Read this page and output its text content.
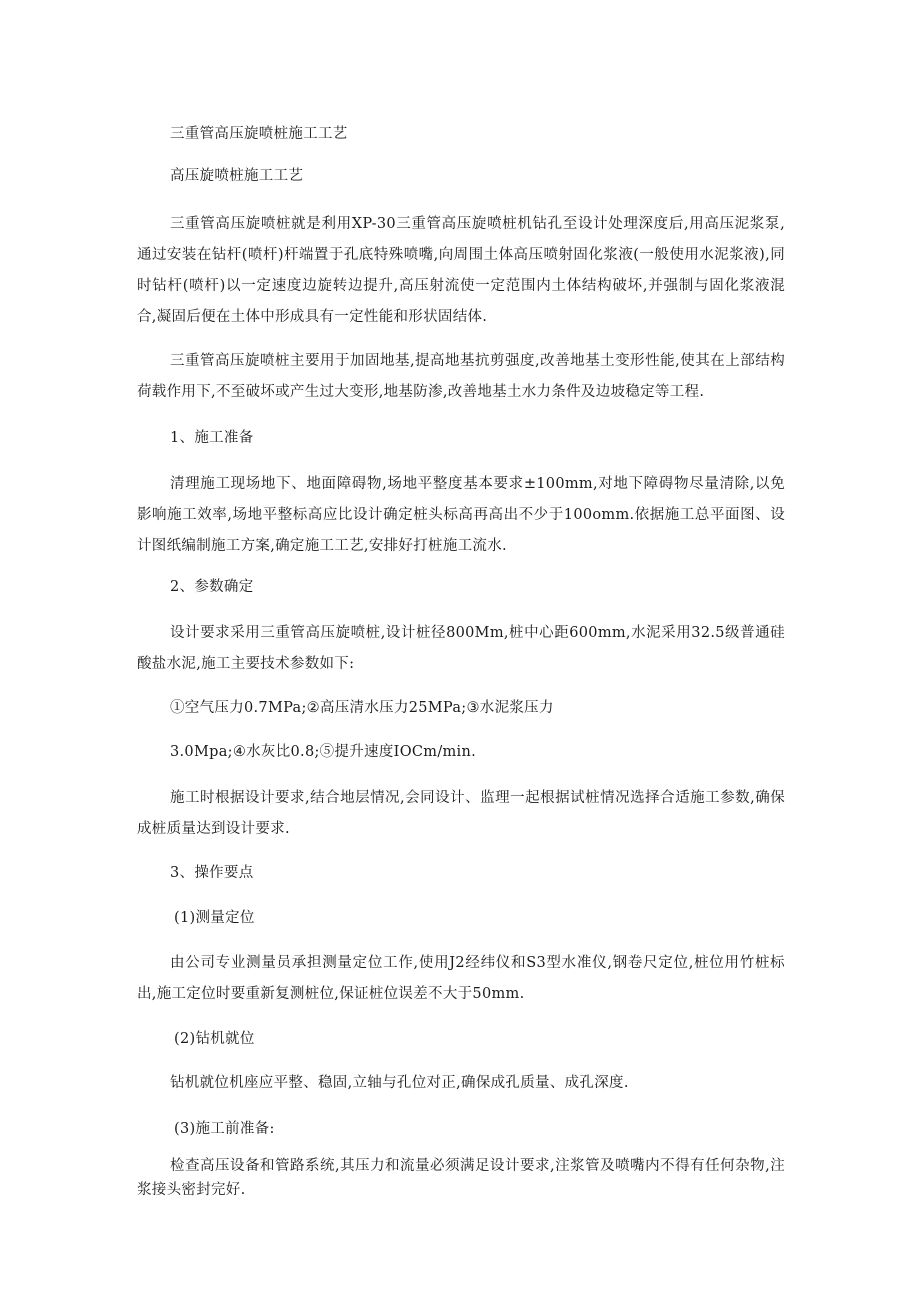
三重管高压旋喷桩施工工艺

高压旋喷桩施工工艺

三重管高压旋喷桩就是利用XP-30三重管高压旋喷桩机钻孔至设计处理深度后,用高压泥浆泵,通过安装在钻杆(喷杆)杆端置于孔底特殊喷嘴,向周围土体高压喷射固化浆液(一般使用水泥浆液),同时钻杆(喷杆)以一定速度边旋转边提升,高压射流使一定范围内土体结构破坏,并强制与固化浆液混合,凝固后便在土体中形成具有一定性能和形状固结体.

三重管高压旋喷桩主要用于加固地基,提高地基抗剪强度,改善地基土变形性能,使其在上部结构荷载作用下,不至破坏或产生过大变形,地基防渗,改善地基土水力条件及边坡稳定等工程.

1、施工准备

清理施工现场地下、地面障碍物,场地平整度基本要求±100mm,对地下障碍物尽量清除,以免影响施工效率,场地平整标高应比设计确定桩头标高再高出不少于100omm.依据施工总平面图、设计图纸编制施工方案,确定施工工艺,安排好打桩施工流水.

2、参数确定

设计要求采用三重管高压旋喷桩,设计桩径800Mm,桩中心距600mm,水泥采用32.5级普通硅酸盐水泥,施工主要技术参数如下:

①空气压力0.7MPa;②高压清水压力25MPa;③水泥浆压力

3.0Mpa;④水灰比0.8;⑤提升速度IOCm/min.

施工时根据设计要求,结合地层情况,会同设计、监理一起根据试桩情况选择合适施工参数,确保成桩质量达到设计要求.

3、操作要点

(1)测量定位

由公司专业测量员承担测量定位工作,使用J2经纬仪和S3型水准仪,钢卷尺定位,桩位用竹桩标出,施工定位时要重新复测桩位,保证桩位误差不大于50mm.

(2)钻机就位

钻机就位机座应平整、稳固,立轴与孔位对正,确保成孔质量、成孔深度.

(3)施工前准备:

检查高压设备和管路系统,其压力和流量必须满足设计要求,注浆管及喷嘴内不得有任何杂物,注浆接头密封完好.
